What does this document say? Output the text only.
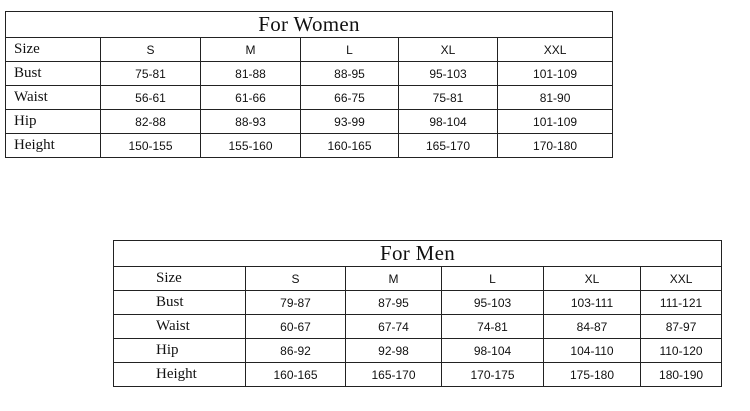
For Women					
Size	S	M	L	XL	XXL
Bust	75-81	81-88	88-95	95-103	101-109
Waist	56-61	61-66	66-75	75-81	81-90
Hip	82-88	88-93	93-99	98-104	101-109
Height	150-155	155-160	160-165	165-170	170-180
For Men					
Size	S	M	L	XL	XXL
Bust	79-87	87-95	95-103	103-111	111-121
Waist	60-67	67-74	74-81	84-87	87-97
Hip	86-92	92-98	98-104	104-110	110-120
Height	160-165	165-170	170-175	175-180	180-190
